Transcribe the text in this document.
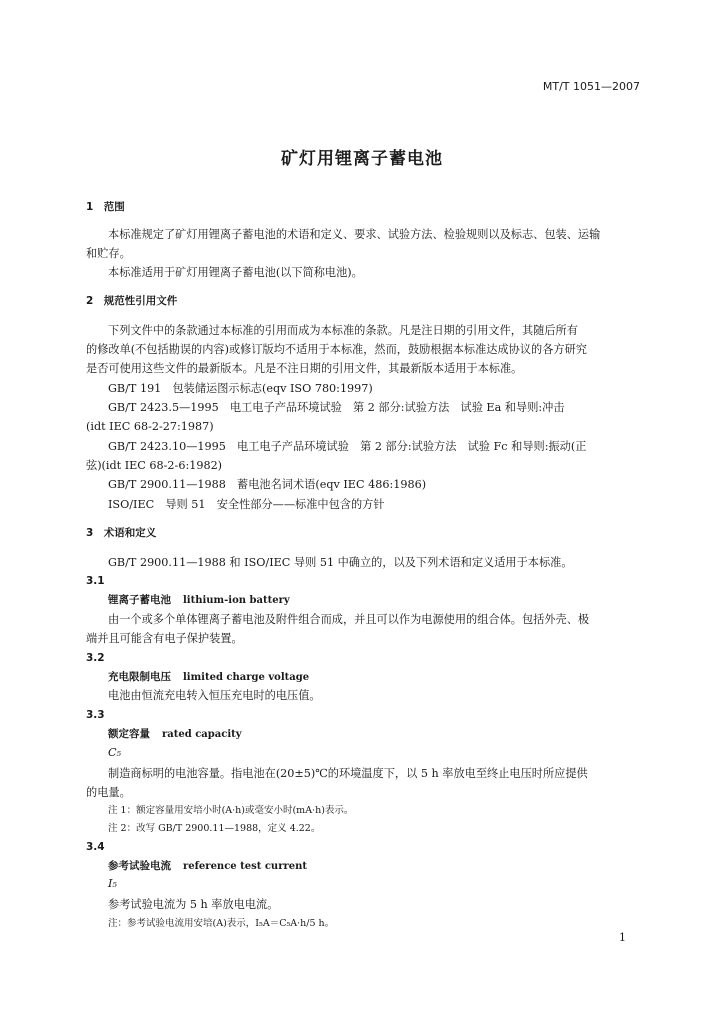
MT/T 1051—2007
矿灯用锂离子蓄电池
1　范围
本标准规定了矿灯用锂离子蓄电池的术语和定义、要求、试验方法、检验规则以及标志、包装、运输
和贮存。
本标准适用于矿灯用锂离子蓄电池(以下简称电池)。
2　规范性引用文件
下列文件中的条款通过本标准的引用而成为本标准的条款。凡是注日期的引用文件，其随后所有
的修改单(不包括勘误的内容)或修订版均不适用于本标准，然而，鼓励根据本标准达成协议的各方研究
是否可使用这些文件的最新版本。凡是不注日期的引用文件，其最新版本适用于本标准。
GB/T 191　包装储运图示标志(eqv ISO 780:1997)
GB/T 2423.5—1995　电工电子产品环境试验　第 2 部分:试验方法　试验 Ea 和导则:冲击
(idt IEC 68-2-27:1987)
GB/T 2423.10—1995　电工电子产品环境试验　第 2 部分:试验方法　试验 Fc 和导则:振动(正
弦)(idt IEC 68-2-6:1982)
GB/T 2900.11—1988　蓄电池名词术语(eqv IEC 486:1986)
ISO/IEC　导则 51　安全性部分——标准中包含的方针
3　术语和定义
GB/T 2900.11—1988 和 ISO/IEC 导则 51 中确立的，以及下列术语和定义适用于本标准。
3.1
锂离子蓄电池 lithium-ion battery
由一个或多个单体锂离子蓄电池及附件组合而成，并且可以作为电源使用的组合体。包括外壳、极
端并且可能含有电子保护装置。
3.2
充电限制电压 limited charge voltage
电池由恒流充电转入恒压充电时的电压值。
3.3
额定容量 rated capacity
C₅
制造商标明的电池容量。指电池在(20±5)℃的环境温度下，以 5 h 率放电至终止电压时所应提供
的电量。
注 1：额定容量用安培小时(A·h)或毫安小时(mA·h)表示。
注 2：改写 GB/T 2900.11—1988，定义 4.22。
3.4
参考试验电流 reference test current
I₅
参考试验电流为 5 h 率放电电流。
注：参考试验电流用安培(A)表示，I₅A＝C₅A·h/5 h。
1
